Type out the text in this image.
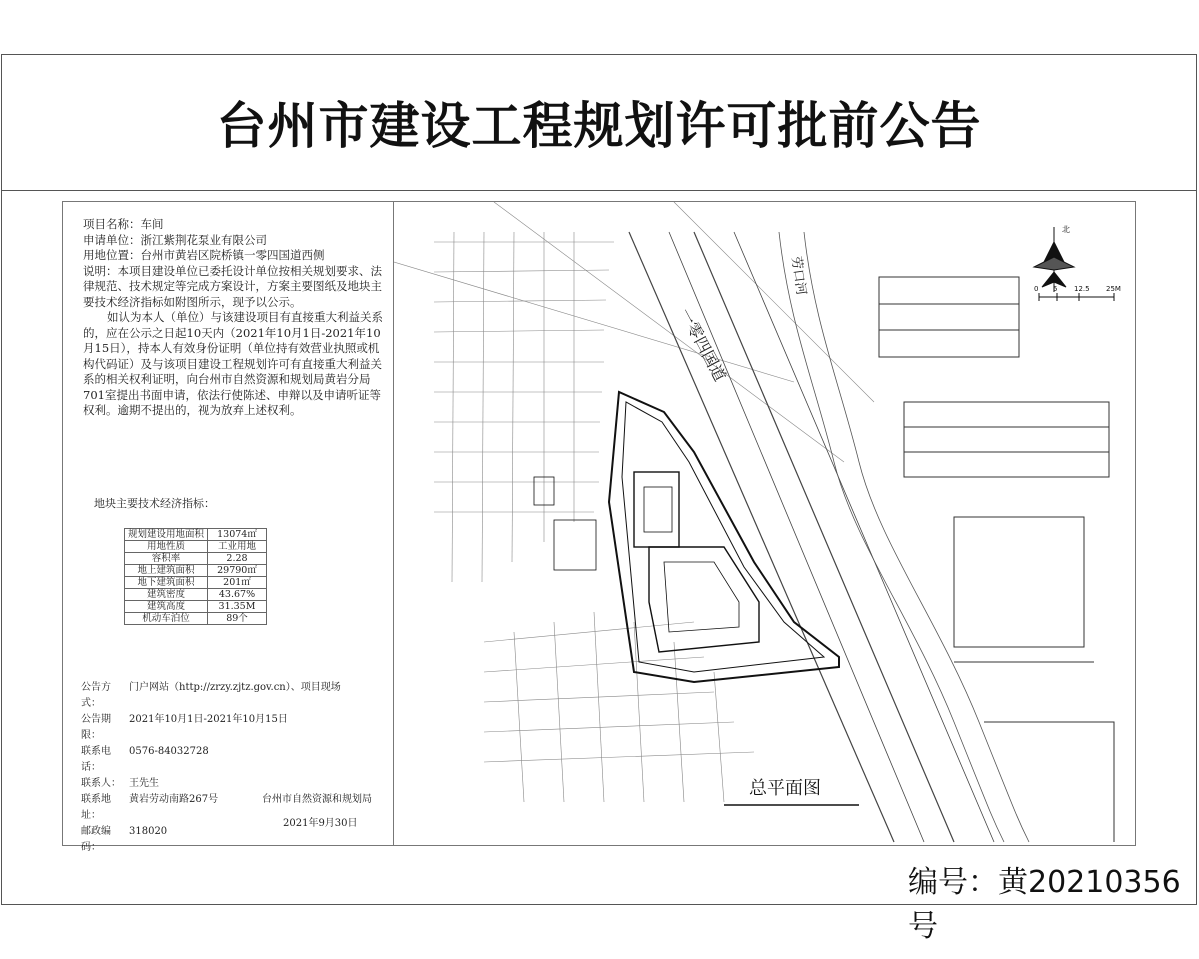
台州市建设工程规划许可批前公告

项目名称：车间

申请单位：浙江紫荆花泵业有限公司

用地位置：台州市黄岩区院桥镇一零四国道西侧

说明：本项目建设单位已委托设计单位按相关规划要求、法律规范、技术规定等完成方案设计，方案主要图纸及地块主要技术经济指标如附图所示，现予以公示。

如认为本人（单位）与该建设项目有直接重大利益关系的，应在公示之日起10天内（2021年10月1日-2021年10月15日），持本人有效身份证明（单位持有效营业执照或机构代码证）及与该项目建设工程规划许可有直接重大利益关系的相关权利证明，向台州市自然资源和规划局黄岩分局701室提出书面申请，依法行使陈述、申辩以及申请听证等权利。逾期不提出的，视为放弃上述权利。

地块主要技术经济指标：
规划建设用地面积	13074㎡
用地性质	工业用地
容积率	2.28
地上建筑面积	29790㎡
地下建筑面积	201㎡
建筑密度	43.67%
建筑高度	31.35M
机动车泊位	89个
公告方式：
门户网站（http://zrzy.zjtz.gov.cn）、项目现场
公告期限：
2021年10月1日-2021年10月15日
联系电话：
0576-84032728
联系人： 王先生
联系地址：
黄岩劳动南路267号
邮政编码：
318020
台州市自然资源和规划局
2021年9月30日
一零四国道
劳口河
北
0 5 12.5 25M
总平面图
编号：黄20210356号
